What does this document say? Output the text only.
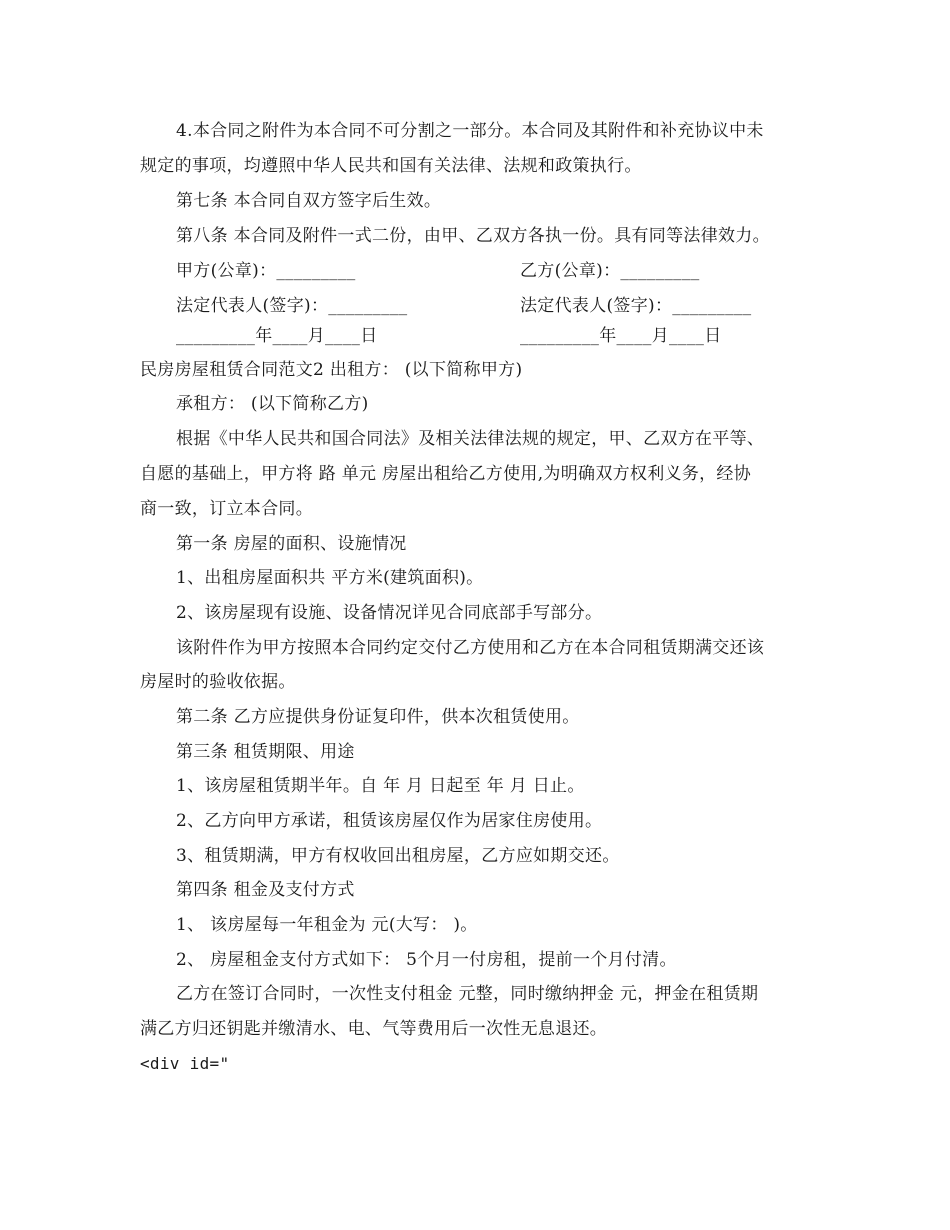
4.本合同之附件为本合同不可分割之一部分。本合同及其附件和补充协议中未
规定的事项，均遵照中华人民共和国有关法律、法规和政策执行。
第七条 本合同自双方签字后生效。
第八条 本合同及附件一式二份，由甲、乙双方各执一份。具有同等法律效力。
甲方(公章)：_________	乙方(公章)：_________
法定代表人(签字)：_________	法定代表人(签字)：_________
_________年____月____日	_________年____月____日
民房房屋租赁合同范文2 出租方： (以下简称甲方)
承租方： (以下简称乙方)
根据《中华人民共和国合同法》及相关法律法规的规定，甲、乙双方在平等、
自愿的基础上，甲方将 路 单元 房屋出租给乙方使用,为明确双方权利义务，经协
商一致，订立本合同。
第一条 房屋的面积、设施情况
1、出租房屋面积共 平方米(建筑面积)。
2、该房屋现有设施、设备情况详见合同底部手写部分。
该附件作为甲方按照本合同约定交付乙方使用和乙方在本合同租赁期满交还该
房屋时的验收依据。
第二条 乙方应提供身份证复印件，供本次租赁使用。
第三条 租赁期限、用途
1、该房屋租赁期半年。自 年 月 日起至 年 月 日止。
2、乙方向甲方承诺，租赁该房屋仅作为居家住房使用。
3、租赁期满，甲方有权收回出租房屋，乙方应如期交还。
第四条 租金及支付方式
1、 该房屋每一年租金为 元(大写： )。
2、 房屋租金支付方式如下： 5个月一付房租，提前一个月付清。
乙方在签订合同时，一次性支付租金 元整，同时缴纳押金 元，押金在租赁期
满乙方归还钥匙并缴清水、电、气等费用后一次性无息退还。
<div id="
